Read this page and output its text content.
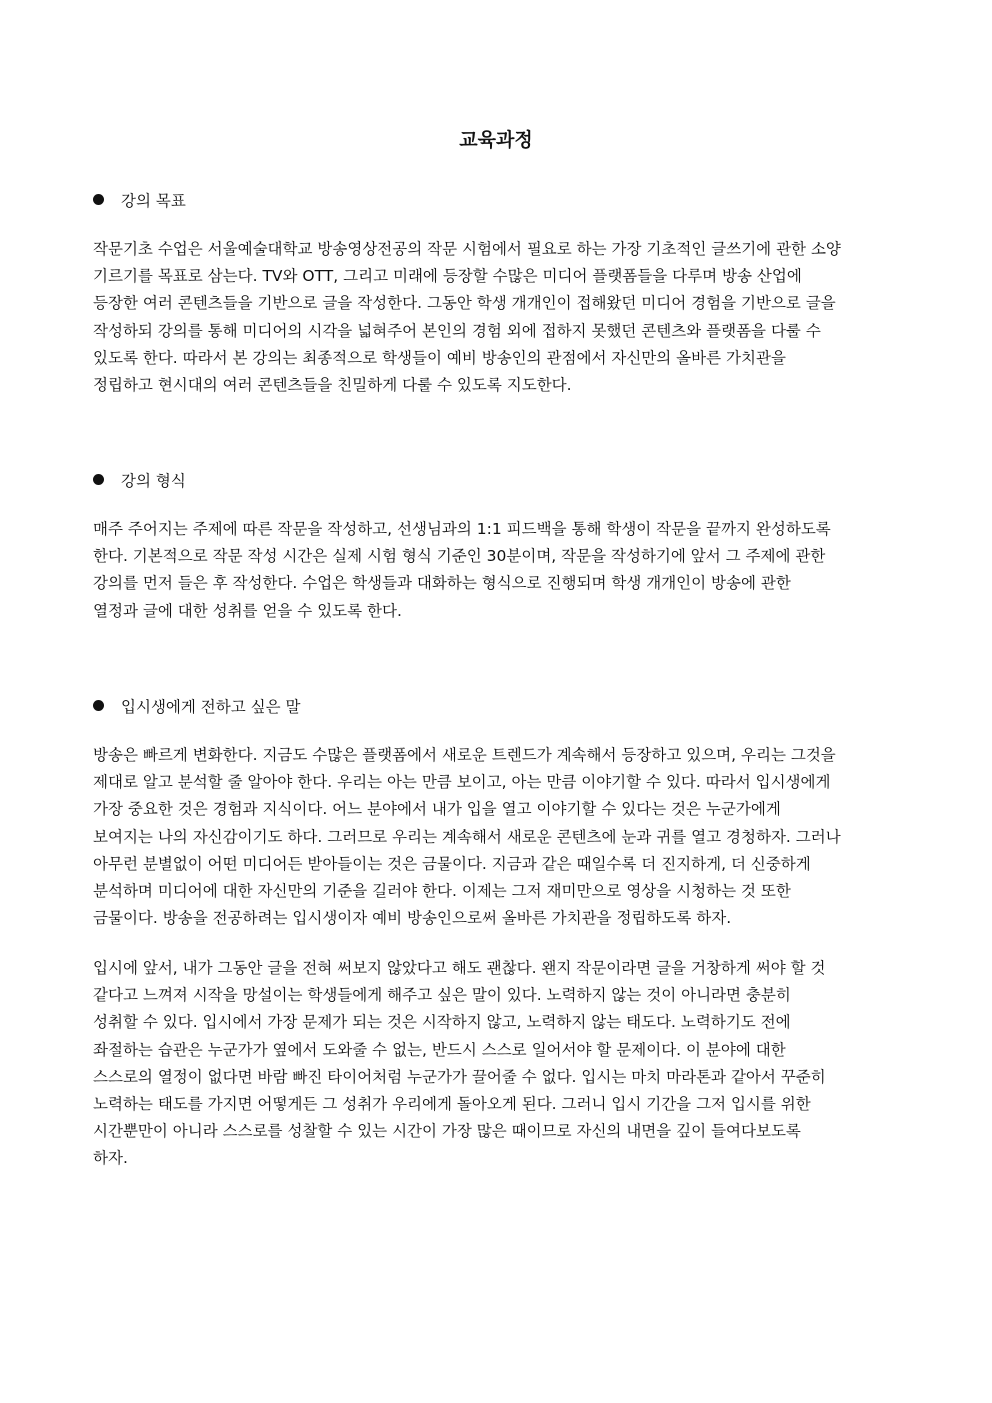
교육과정
강의 목표
작문기초 수업은 서울예술대학교 방송영상전공의 작문 시험에서 필요로 하는 가장 기초적인 글쓰기에 관한 소양
기르기를 목표로 삼는다. TV와 OTT, 그리고 미래에 등장할 수많은 미디어 플랫폼들을 다루며 방송 산업에
등장한 여러 콘텐츠들을 기반으로 글을 작성한다. 그동안 학생 개개인이 접해왔던 미디어 경험을 기반으로 글을
작성하되 강의를 통해 미디어의 시각을 넓혀주어 본인의 경험 외에 접하지 못했던 콘텐츠와 플랫폼을 다룰 수
있도록 한다. 따라서 본 강의는 최종적으로 학생들이 예비 방송인의 관점에서 자신만의 올바른 가치관을
정립하고 현시대의 여러 콘텐츠들을 친밀하게 다룰 수 있도록 지도한다.
강의 형식
매주 주어지는 주제에 따른 작문을 작성하고, 선생님과의 1:1 피드백을 통해 학생이 작문을 끝까지 완성하도록
한다. 기본적으로 작문 작성 시간은 실제 시험 형식 기준인 30분이며, 작문을 작성하기에 앞서 그 주제에 관한
강의를 먼저 들은 후 작성한다. 수업은 학생들과 대화하는 형식으로 진행되며 학생 개개인이 방송에 관한
열정과 글에 대한 성취를 얻을 수 있도록 한다.
입시생에게 전하고 싶은 말
방송은 빠르게 변화한다. 지금도 수많은 플랫폼에서 새로운 트렌드가 계속해서 등장하고 있으며, 우리는 그것을
제대로 알고 분석할 줄 알아야 한다. 우리는 아는 만큼 보이고, 아는 만큼 이야기할 수 있다. 따라서 입시생에게
가장 중요한 것은 경험과 지식이다. 어느 분야에서 내가 입을 열고 이야기할 수 있다는 것은 누군가에게
보여지는 나의 자신감이기도 하다. 그러므로 우리는 계속해서 새로운 콘텐츠에 눈과 귀를 열고 경청하자. 그러나
아무런 분별없이 어떤 미디어든 받아들이는 것은 금물이다. 지금과 같은 때일수록 더 진지하게, 더 신중하게
분석하며 미디어에 대한 자신만의 기준을 길러야 한다. 이제는 그저 재미만으로 영상을 시청하는 것 또한
금물이다. 방송을 전공하려는 입시생이자 예비 방송인으로써 올바른 가치관을 정립하도록 하자.
입시에 앞서, 내가 그동안 글을 전혀 써보지 않았다고 해도 괜찮다. 왠지 작문이라면 글을 거창하게 써야 할 것
같다고 느껴져 시작을 망설이는 학생들에게 해주고 싶은 말이 있다. 노력하지 않는 것이 아니라면 충분히
성취할 수 있다. 입시에서 가장 문제가 되는 것은 시작하지 않고, 노력하지 않는 태도다. 노력하기도 전에
좌절하는 습관은 누군가가 옆에서 도와줄 수 없는, 반드시 스스로 일어서야 할 문제이다. 이 분야에 대한
스스로의 열정이 없다면 바람 빠진 타이어처럼 누군가가 끌어줄 수 없다. 입시는 마치 마라톤과 같아서 꾸준히
노력하는 태도를 가지면 어떻게든 그 성취가 우리에게 돌아오게 된다. 그러니 입시 기간을 그저 입시를 위한
시간뿐만이 아니라 스스로를 성찰할 수 있는 시간이 가장 많은 때이므로 자신의 내면을 깊이 들여다보도록
하자.
